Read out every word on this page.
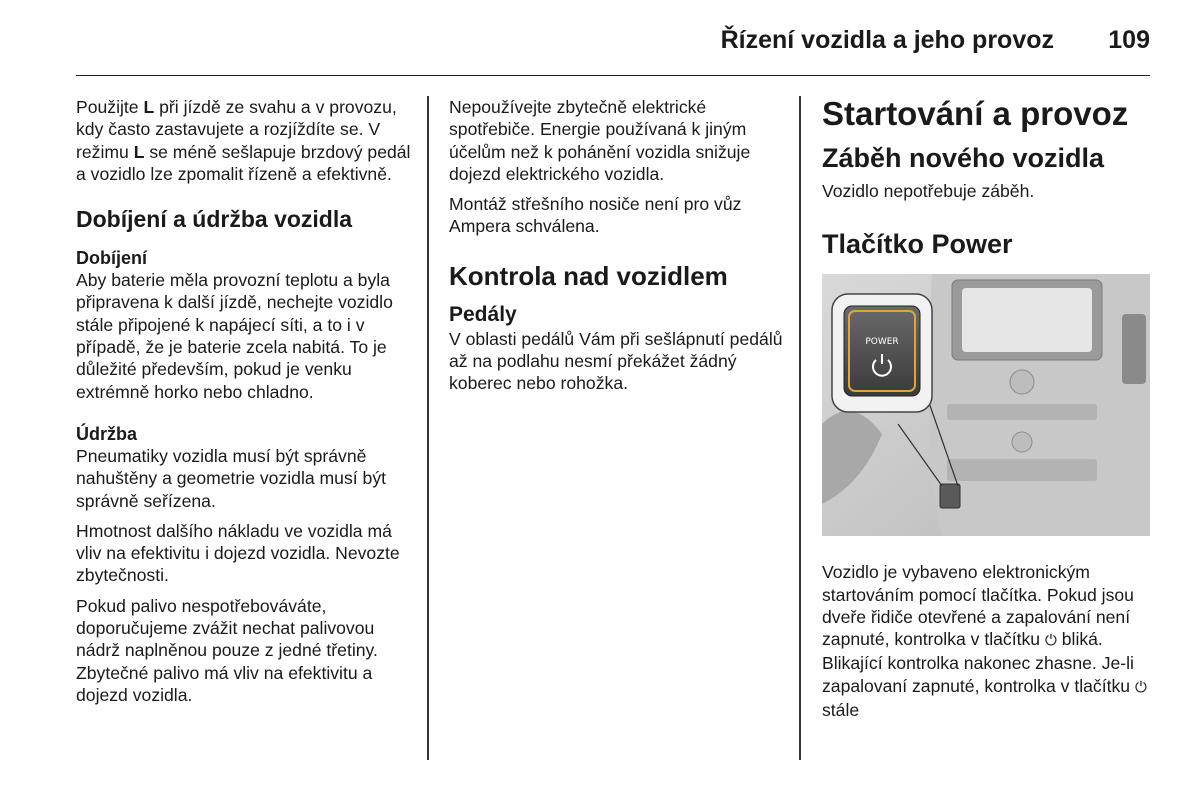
Řízení vozidla a jeho provoz 109

Použijte L při jízdě ze svahu a v provozu, kdy často zastavujete a rozjíždíte se. V režimu L se méně sešlapuje brzdový pedál a vozidlo lze zpomalit řízeně a efektivně.

Dobíjení a údržba vozidla
Dobíjení

Aby baterie měla provozní teplotu a byla připravena k další jízdě, nechejte vozidlo stále připojené k napájecí síti, a to i v případě, že je baterie zcela nabitá. To je důležité především, pokud je venku extrémně horko nebo chladno.

Údržba

Pneumatiky vozidla musí být správně nahuštěny a geometrie vozidla musí být správně seřízena.

Hmotnost dalšího nákladu ve vozidla má vliv na efektivitu i dojezd vozidla. Nevozte zbytečnosti.

Pokud palivo nespotřebováváte, doporučujeme zvážit nechat palivovou nádrž naplněnou pouze z jedné třetiny. Zbytečné palivo má vliv na efektivitu a dojezd vozidla.

Nepoužívejte zbytečně elektrické spotřebiče. Energie používaná k jiným účelům než k pohánění vozidla snižuje dojezd elektrického vozidla.

Montáž střešního nosiče není pro vůz Ampera schválena.

Kontrola nad vozidlem
Pedály

V oblasti pedálů Vám při sešlápnutí pedálů až na podlahu nesmí překážet žádný koberec nebo rohožka.

Startování a provoz
Záběh nového vozidla

Vozidlo nepotřebuje záběh.

Tlačítko Power
POWER

Vozidlo je vybaveno elektronickým startováním pomocí tlačítka. Pokud jsou dveře řidiče otevřené a zapalování není zapnuté, kontrolka v tlačítku ⏻ bliká. Blikající kontrolka nakonec zhasne. Je-li zapalovaní zapnuté, kontrolka v tlačítku ⏻ stále
